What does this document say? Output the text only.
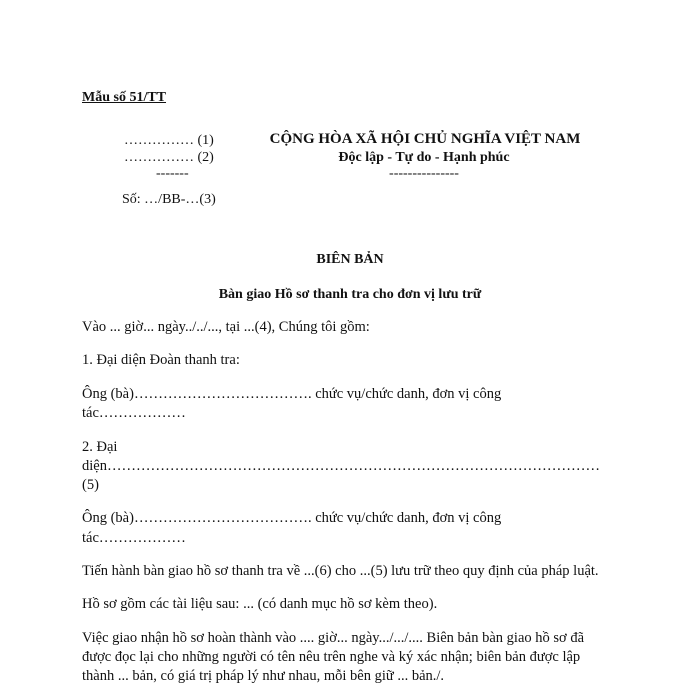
Mẫu số 51/TT
…………… (1)
…………… (2)
-------
Số: …/BB-…(3)
CỘNG HÒA XÃ HỘI CHỦ NGHĨA VIỆT NAM
Độc lập - Tự do - Hạnh phúc
---------------
BIÊN BẢN
Bàn giao Hồ sơ thanh tra cho đơn vị lưu trữ
Vào ... giờ... ngày../../..., tại ...(4), Chúng tôi gồm:
1. Đại diện Đoàn thanh tra:
Ông (bà)………………………………. chức vụ/chức danh, đơn vị công
tác………………
2. Đại
diện…………………………………………………………………………………………
(5)
Ông (bà)………………………………. chức vụ/chức danh, đơn vị công
tác………………
Tiến hành bàn giao hồ sơ thanh tra về ...(6) cho ...(5) lưu trữ theo quy định của pháp luật.
Hồ sơ gồm các tài liệu sau: ... (có danh mục hồ sơ kèm theo).
Việc giao nhận hồ sơ hoàn thành vào .... giờ... ngày.../.../.... Biên bản bàn giao hồ sơ đã
được đọc lại cho những người có tên nêu trên nghe và ký xác nhận; biên bản được lập
thành ... bản, có giá trị pháp lý như nhau, mỗi bên giữ ... bản./.
